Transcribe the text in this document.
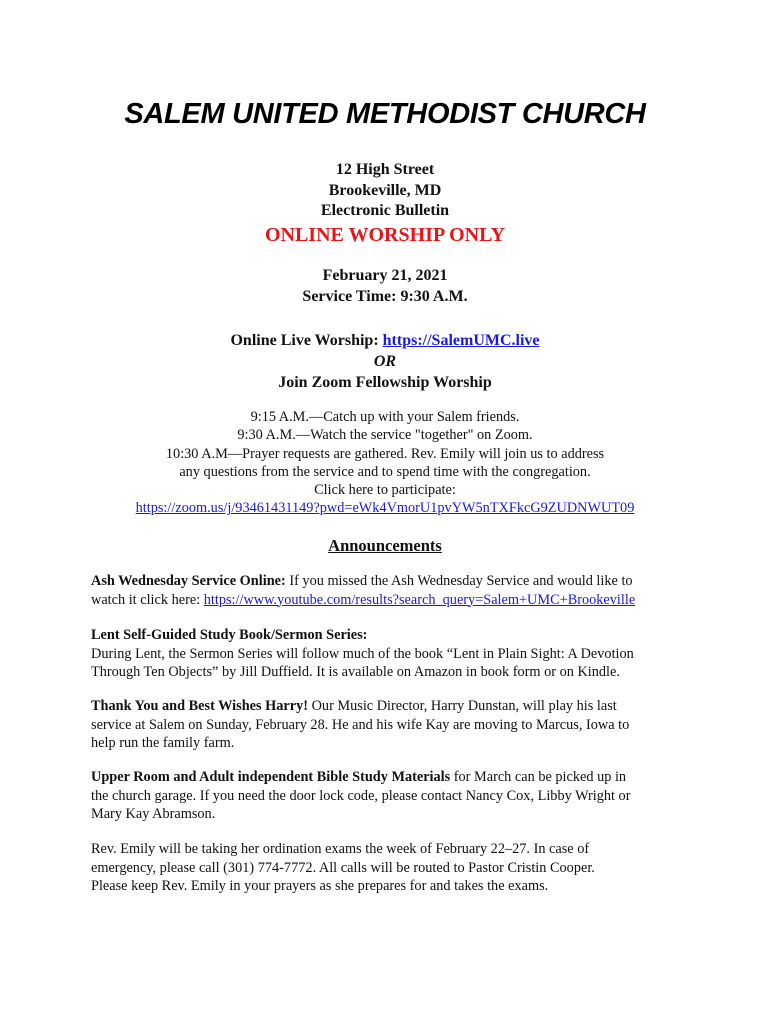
SALEM UNITED METHODIST CHURCH
12 High Street
Brookeville, MD
Electronic Bulletin
ONLINE WORSHIP ONLY
February 21, 2021
Service Time: 9:30 A.M.
Online Live Worship: https://SalemUMC.live
OR
Join Zoom Fellowship Worship
9:15 A.M.—Catch up with your Salem friends.
9:30 A.M.—Watch the service "together" on Zoom.
10:30 A.M—Prayer requests are gathered. Rev. Emily will join us to address
any questions from the service and to spend time with the congregation.
Click here to participate:
https://zoom.us/j/93461431149?pwd=eWk4VmorU1pvYW5nTXFkcG9ZUDNWUT09
Announcements
Ash Wednesday Service Online: If you missed the Ash Wednesday Service and would like to
watch it click here: https://www.youtube.com/results?search_query=Salem+UMC+Brookeville
Lent Self-Guided Study Book/Sermon Series:
During Lent, the Sermon Series will follow much of the book “Lent in Plain Sight: A Devotion
Through Ten Objects” by Jill Duffield. It is available on Amazon in book form or on Kindle.
Thank You and Best Wishes Harry! Our Music Director, Harry Dunstan, will play his last
service at Salem on Sunday, February 28. He and his wife Kay are moving to Marcus, Iowa to
help run the family farm.
Upper Room and Adult independent Bible Study Materials for March can be picked up in
the church garage. If you need the door lock code, please contact Nancy Cox, Libby Wright or
Mary Kay Abramson.
Rev. Emily will be taking her ordination exams the week of February 22–27. In case of
emergency, please call (301) 774-7772. All calls will be routed to Pastor Cristin Cooper.
Please keep Rev. Emily in your prayers as she prepares for and takes the exams.
